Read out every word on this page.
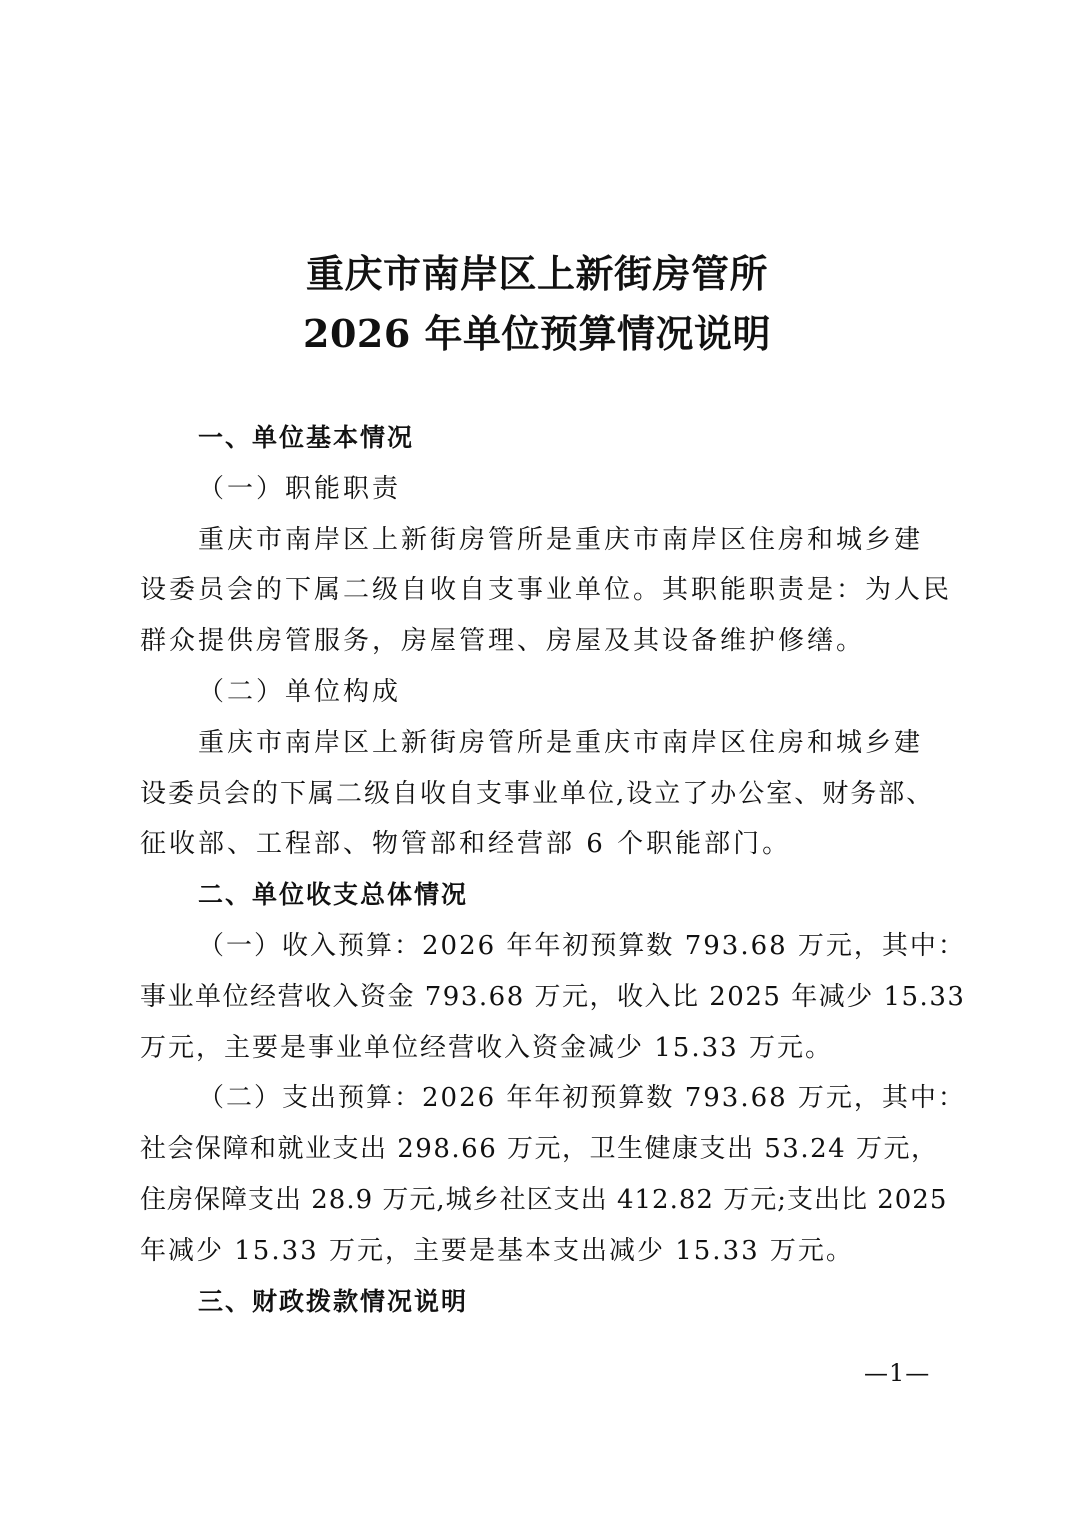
重庆市南岸区上新街房管所
2026 年单位预算情况说明
一、单位基本情况
（一）职能职责
重庆市南岸区上新街房管所是重庆市南岸区住房和城乡建
设委员会的下属二级自收自支事业单位。其职能职责是：为人民
群众提供房管服务，房屋管理、房屋及其设备维护修缮。
（二）单位构成
重庆市南岸区上新街房管所是重庆市南岸区住房和城乡建
设委员会的下属二级自收自支事业单位,设立了办公室、财务部、
征收部、工程部、物管部和经营部 6 个职能部门。
二、单位收支总体情况
（一）收入预算：2026 年年初预算数 793.68 万元，其中：
事业单位经营收入资金 793.68 万元，收入比 2025 年减少 15.33
万元，主要是事业单位经营收入资金减少 15.33 万元。
（二）支出预算：2026 年年初预算数 793.68 万元，其中：
社会保障和就业支出 298.66 万元，卫生健康支出 53.24 万元，
住房保障支出 28.9 万元,城乡社区支出 412.82 万元;支出比 2025
年减少 15.33 万元，主要是基本支出减少 15.33 万元。
三、财政拨款情况说明
—1—
